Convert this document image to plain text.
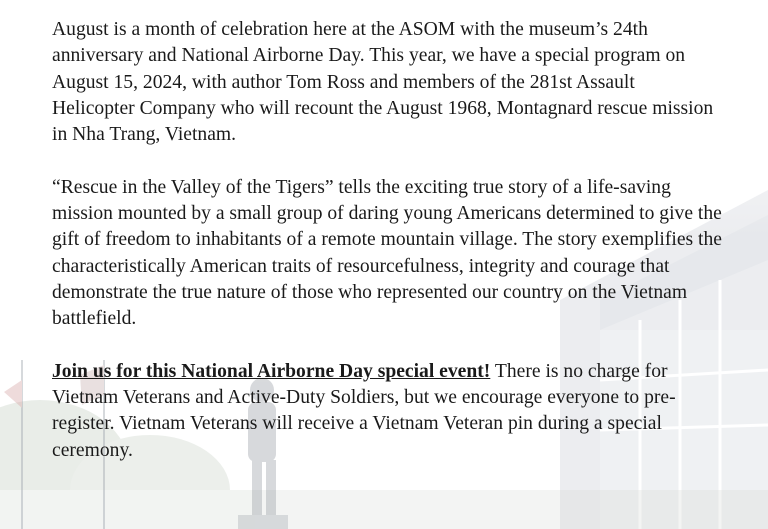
August is a month of celebration here at the ASOM with the museum’s 24th anniversary and National Airborne Day. This year, we have a special program on August 15, 2024, with author Tom Ross and members of the 281st Assault Helicopter Company who will recount the August 1968, Montagnard rescue mission in Nha Trang, Vietnam.

“Rescue in the Valley of the Tigers” tells the exciting true story of a life-saving mission mounted by a small group of daring young Americans determined to give the gift of freedom to inhabitants of a remote mountain village. The story exemplifies the characteristically American traits of resourcefulness, integrity and courage that demonstrate the true nature of those who represented our country on the Vietnam battlefield.

Join us for this National Airborne Day special event! There is no charge for Vietnam Veterans and Active-Duty Soldiers, but we encourage everyone to pre-register. Vietnam Veterans will receive a Vietnam Veteran pin during a special ceremony.
